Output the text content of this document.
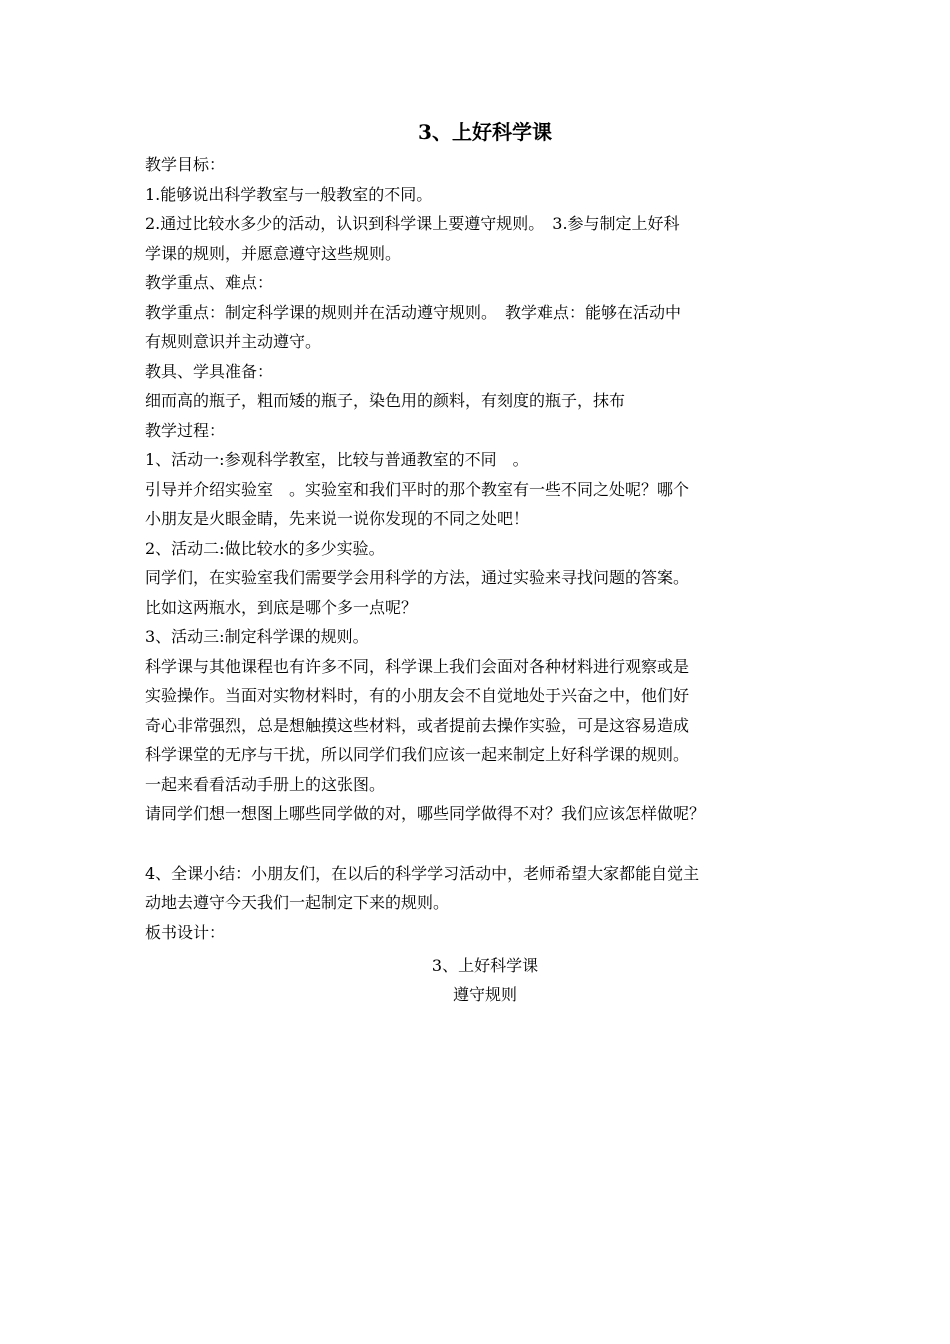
3、上好科学课
教学目标：
1.能够说出科学教室与一般教室的不同。
2.通过比较水多少的活动，认识到科学课上要遵守规则。　3.参与制定上好科
学课的规则，并愿意遵守这些规则。
教学重点、难点：
教学重点：制定科学课的规则并在活动遵守规则。　教学难点：能够在活动中
有规则意识并主动遵守。
教具、学具准备：
细而高的瓶子，粗而矮的瓶子，染色用的颜料，有刻度的瓶子，抹布
教学过程：
1、活动一:参观科学教室，比较与普通教室的不同　。
引导并介绍实验室　。实验室和我们平时的那个教室有一些不同之处呢？哪个
小朋友是火眼金睛，先来说一说你发现的不同之处吧！
2、活动二:做比较水的多少实验。
同学们，在实验室我们需要学会用科学的方法，通过实验来寻找问题的答案。
比如这两瓶水，到底是哪个多一点呢？
3、活动三:制定科学课的规则。
科学课与其他课程也有许多不同，科学课上我们会面对各种材料进行观察或是
实验操作。当面对实物材料时，有的小朋友会不自觉地处于兴奋之中，他们好
奇心非常强烈，总是想触摸这些材料，或者提前去操作实验，可是这容易造成
科学课堂的无序与干扰，所以同学们我们应该一起来制定上好科学课的规则。
一起来看看活动手册上的这张图。
请同学们想一想图上哪些同学做的对，哪些同学做得不对？我们应该怎样做呢？
4、全课小结：小朋友们，在以后的科学学习活动中，老师希望大家都能自觉主
动地去遵守今天我们一起制定下来的规则。
板书设计：
3、上好科学课
遵守规则
